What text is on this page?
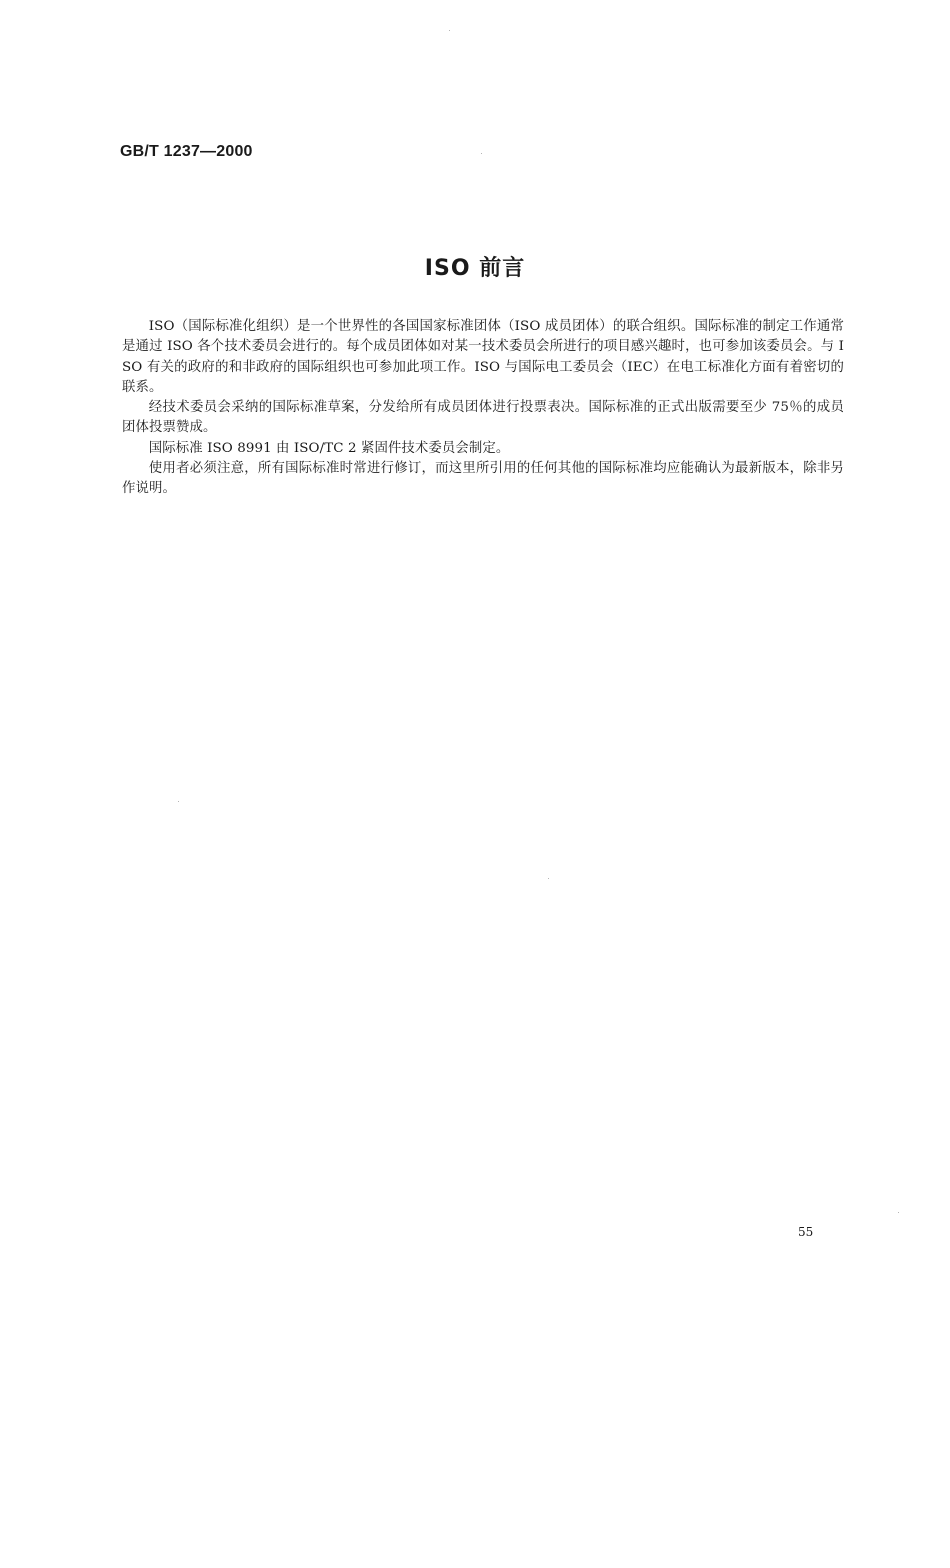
GB/T 1237—2000
ISO 前言

ISO（国际标准化组织）是一个世界性的各国国家标准团体（ISO 成员团体）的联合组织。国际标准的制定工作通常是通过 ISO 各个技术委员会进行的。每个成员团体如对某一技术委员会所进行的项目感兴趣时，也可参加该委员会。与 ISO 有关的政府的和非政府的国际组织也可参加此项工作。ISO 与国际电工委员会（IEC）在电工标准化方面有着密切的联系。

经技术委员会采纳的国际标准草案，分发给所有成员团体进行投票表决。国际标准的正式出版需要至少 75％的成员团体投票赞成。

国际标准 ISO 8991 由 ISO/TC 2 紧固件技术委员会制定。

使用者必须注意，所有国际标准时常进行修订，而这里所引用的任何其他的国际标准均应能确认为最新版本，除非另作说明。

55
